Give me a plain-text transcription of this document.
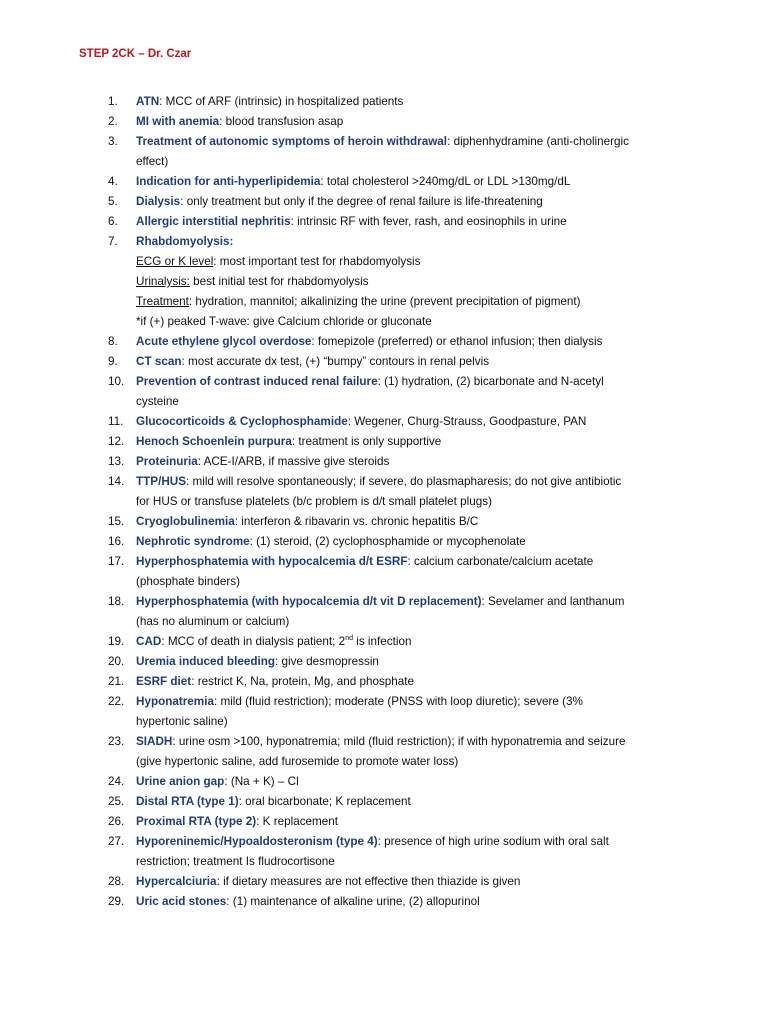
STEP 2CK – Dr. Czar
1.	ATN: MCC of ARF (intrinsic) in hospitalized patients
2.	MI with anemia: blood transfusion asap
3.	Treatment of autonomic symptoms of heroin withdrawal: diphenhydramine (anti-cholinergic
effect)
4.	Indication for anti-hyperlipidemia: total cholesterol >240mg/dL or LDL >130mg/dL
5.	Dialysis: only treatment but only if the degree of renal failure is life-threatening
6.	Allergic interstitial nephritis: intrinsic RF with fever, rash, and eosinophils in urine
7.	Rhabdomyolysis:
ECG or K level: most important test for rhabdomyolysis
Urinalysis: best initial test for rhabdomyolysis
Treatment: hydration, mannitol; alkalinizing the urine (prevent precipitation of pigment)
*if (+) peaked T-wave: give Calcium chloride or gluconate
8.	Acute ethylene glycol overdose: fomepizole (preferred) or ethanol infusion; then dialysis
9.	CT scan: most accurate dx test, (+) “bumpy” contours in renal pelvis
10.	Prevention of contrast induced renal failure: (1) hydration, (2) bicarbonate and N-acetyl
cysteine
11.	Glucocorticoids & Cyclophosphamide: Wegener, Churg-Strauss, Goodpasture, PAN
12.	Henoch Schoenlein purpura: treatment is only supportive
13.	Proteinuria: ACE-I/ARB, if massive give steroids
14.	TTP/HUS: mild will resolve spontaneously; if severe, do plasmapharesis; do not give antibiotic
for HUS or transfuse platelets (b/c problem is d/t small platelet plugs)
15.	Cryoglobulinemia: interferon & ribavarin vs. chronic hepatitis B/C
16.	Nephrotic syndrome: (1) steroid, (2) cyclophosphamide or mycophenolate
17.	Hyperphosphatemia with hypocalcemia d/t ESRF: calcium carbonate/calcium acetate
(phosphate binders)
18.	Hyperphosphatemia (with hypocalcemia d/t vit D replacement): Sevelamer and lanthanum
(has no aluminum or calcium)
19.	CAD: MCC of death in dialysis patient; 2nd is infection
20.	Uremia induced bleeding: give desmopressin
21.	ESRF diet: restrict K, Na, protein, Mg, and phosphate
22.	Hyponatremia: mild (fluid restriction); moderate (PNSS with loop diuretic); severe (3%
hypertonic saline)
23.	SIADH: urine osm >100, hyponatremia; mild (fluid restriction); if with hyponatremia and seizure
(give hypertonic saline, add furosemide to promote water loss)
24.	Urine anion gap: (Na + K) – Cl
25.	Distal RTA (type 1): oral bicarbonate; K replacement
26.	Proximal RTA (type 2): K replacement
27.	Hyporeninemic/Hypoaldosteronism (type 4): presence of high urine sodium with oral salt
restriction; treatment Is fludrocortisone
28.	Hypercalciuria: if dietary measures are not effective then thiazide is given
29.	Uric acid stones: (1) maintenance of alkaline urine, (2) allopurinol
